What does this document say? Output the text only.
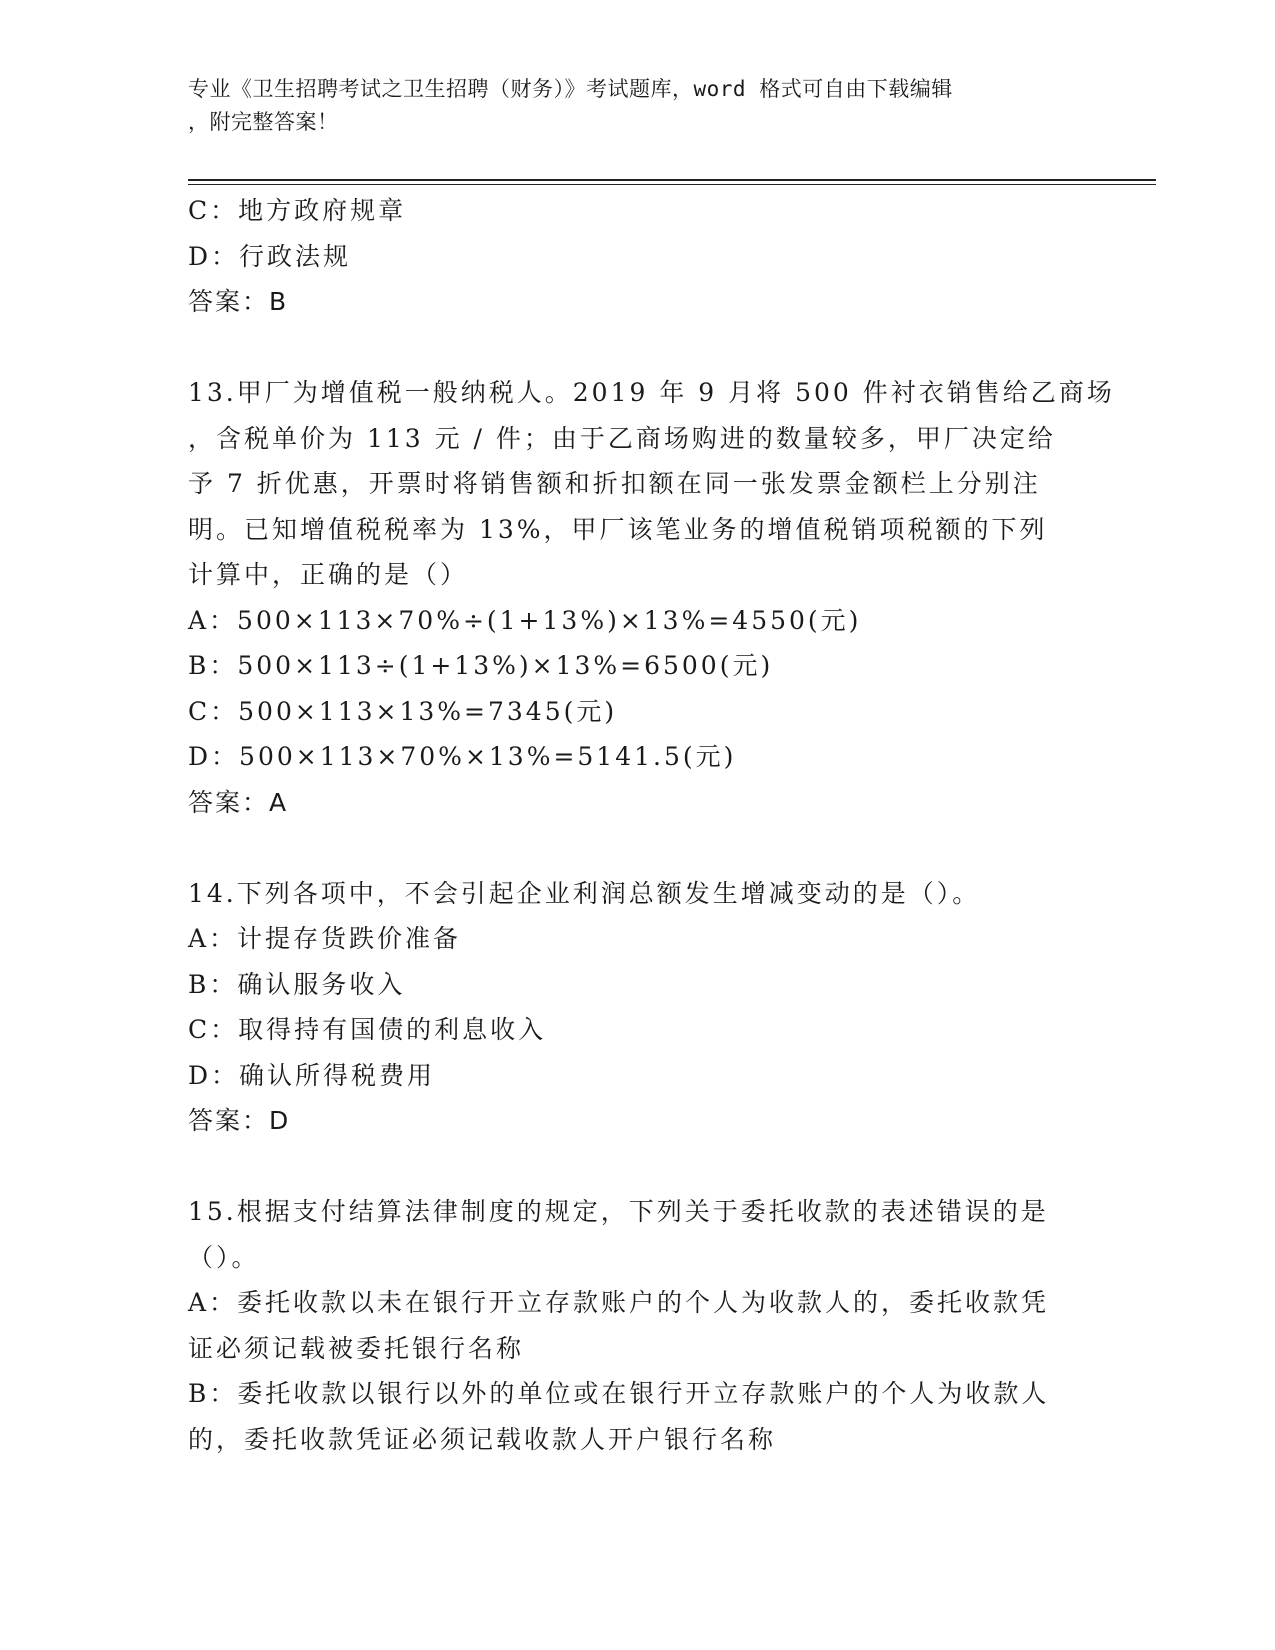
专业《卫生招聘考试之卫生招聘（财务）》考试题库，word 格式可自由下载编辑
，附完整答案！
C：地方政府规章
D：行政法规
答案：B
13.甲厂为增值税一般纳税人。2019 年 9 月将 500 件衬衣销售给乙商场
，含税单价为 113 元 / 件；由于乙商场购进的数量较多，甲厂决定给
予 7 折优惠，开票时将销售额和折扣额在同一张发票金额栏上分别注
明。已知增值税税率为 13%，甲厂该笔业务的增值税销项税额的下列
计算中，正确的是（）
A：500×113×70%÷(1+13%)×13%=4550(元)
B：500×113÷(1+13%)×13%=6500(元)
C：500×113×13%=7345(元)
D：500×113×70%×13%=5141.5(元)
答案：A
14.下列各项中，不会引起企业利润总额发生增减变动的是（）。
A：计提存货跌价准备
B：确认服务收入
C：取得持有国债的利息收入
D：确认所得税费用
答案：D
15.根据支付结算法律制度的规定，下列关于委托收款的表述错误的是
（）。
A：委托收款以未在银行开立存款账户的个人为收款人的，委托收款凭
证必须记载被委托银行名称
B：委托收款以银行以外的单位或在银行开立存款账户的个人为收款人
的，委托收款凭证必须记载收款人开户银行名称
